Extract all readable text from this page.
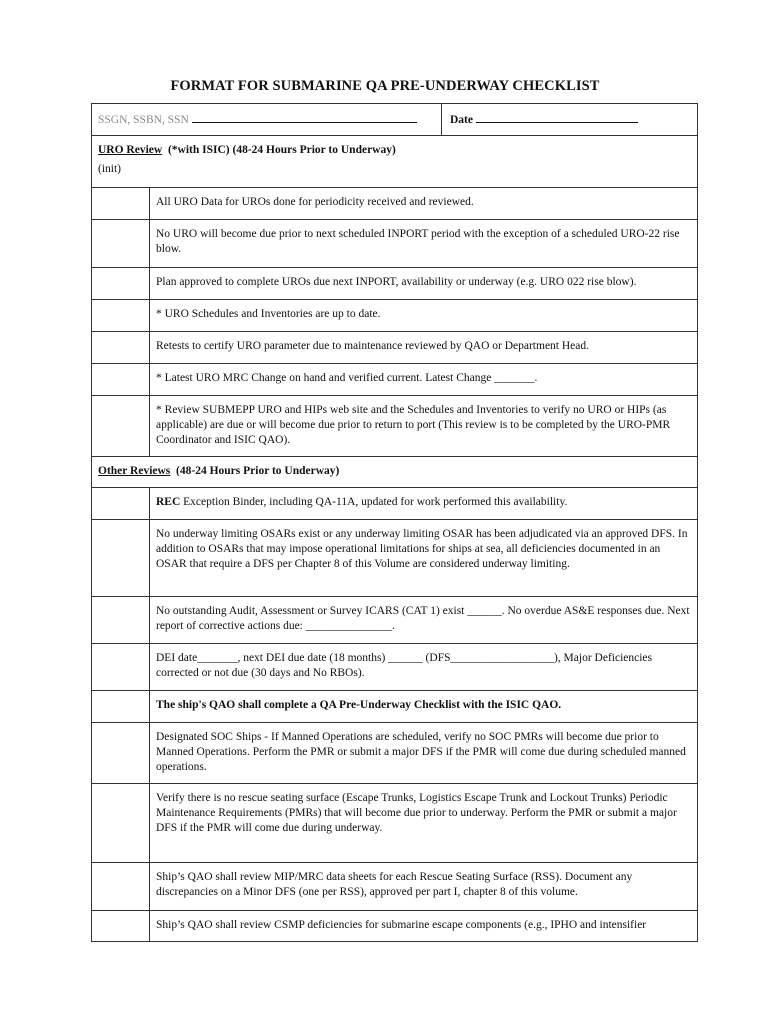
FORMAT FOR SUBMARINE QA PRE-UNDERWAY CHECKLIST
SSGN, SSBN, SSN	Date
URO Review (*with ISIC) (48-24 Hours Prior to Underway)
(init)
All URO Data for UROs done for periodicity received and reviewed.
No URO will become due prior to next scheduled INPORT period with the exception of a scheduled URO-22 rise blow.
Plan approved to complete UROs due next INPORT, availability or underway (e.g. URO 022 rise blow).
* URO Schedules and Inventories are up to date.
Retests to certify URO parameter due to maintenance reviewed by QAO or Department Head.
* Latest URO MRC Change on hand and verified current. Latest Change _______.
* Review SUBMEPP URO and HIPs web site and the Schedules and Inventories to verify no URO or HIPs (as applicable) are due or will become due prior to return to port (This review is to be completed by the URO-PMR Coordinator and ISIC QAO).
Other Reviews (48-24 Hours Prior to Underway)
REC Exception Binder, including QA-11A, updated for work performed this availability.
No underway limiting OSARs exist or any underway limiting OSAR has been adjudicated via an approved DFS. In addition to OSARs that may impose operational limitations for ships at sea, all deficiencies documented in an OSAR that require a DFS per Chapter 8 of this Volume are considered underway limiting.
No outstanding Audit, Assessment or Survey ICARS (CAT 1) exist ______. No overdue AS&E responses due. Next report of corrective actions due: _______________.
DEI date_______, next DEI due date (18 months) ______ (DFS__________________), Major Deficiencies corrected or not due (30 days and No RBOs).
The ship's QAO shall complete a QA Pre-Underway Checklist with the ISIC QAO.
Designated SOC Ships - If Manned Operations are scheduled, verify no SOC PMRs will become due prior to Manned Operations. Perform the PMR or submit a major DFS if the PMR will come due during scheduled manned operations.
Verify there is no rescue seating surface (Escape Trunks, Logistics Escape Trunk and Lockout Trunks) Periodic Maintenance Requirements (PMRs) that will become due prior to underway. Perform the PMR or submit a major DFS if the PMR will come due during underway.
Ship’s QAO shall review MIP/MRC data sheets for each Rescue Seating Surface (RSS). Document any discrepancies on a Minor DFS (one per RSS), approved per part I, chapter 8 of this volume.
Ship’s QAO shall review CSMP deficiencies for submarine escape components (e.g., IPHO and intensifier
